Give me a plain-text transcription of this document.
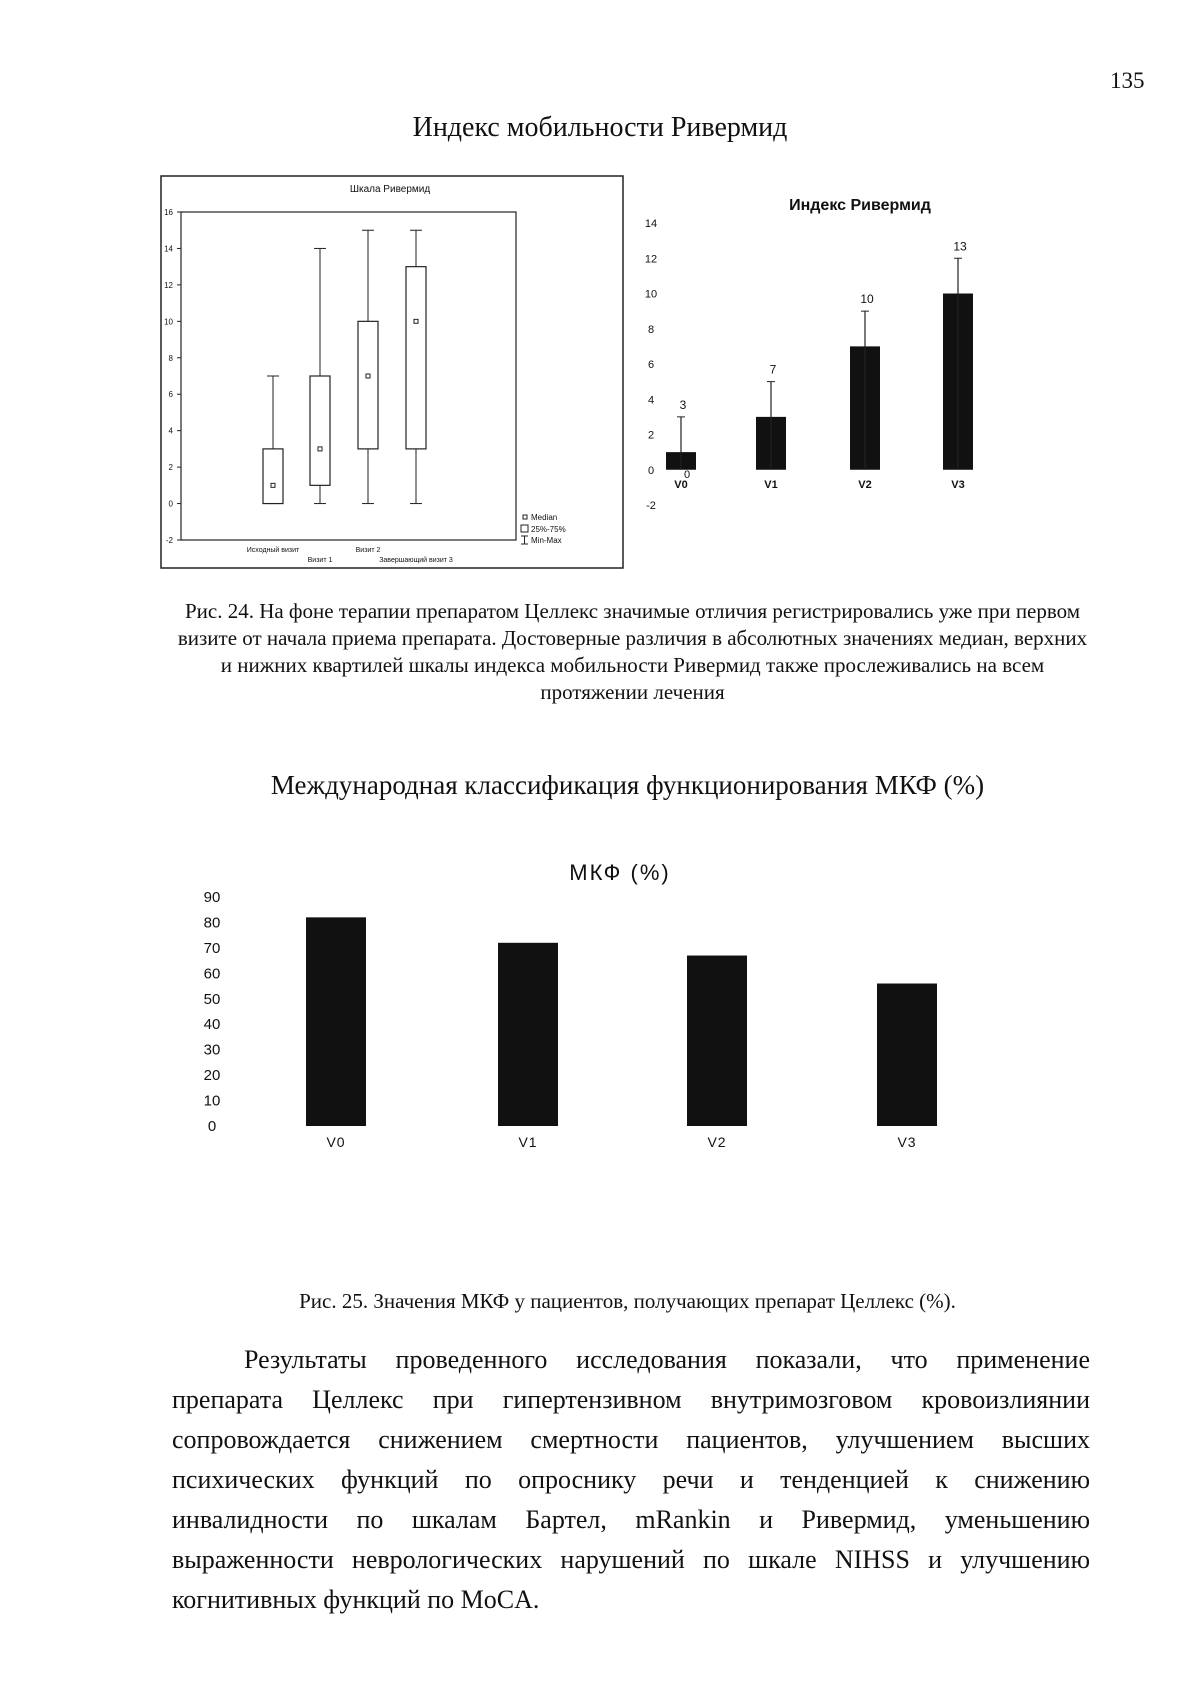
135
Индекс мобильности Ривермид
Шкала Ривермид
-2
0
2
4
6
8
10
12
14
16
Исходный визит
Визит 1
Визит 2
Завершающий визит 3
Median
25%-75%
Min-Max
Индекс Ривермид
-2
0
2
4
6
8
10
12
14
3
0
7
10
13
V0	V1	V2	V3
Рис. 24. На фоне терапии препаратом Целлекс значимые отличия регистрировались уже при первом визите от начала приема препарата. Достоверные различия в абсолютных значениях медиан, верхних и нижних квартилей шкалы индекса мобильности Ривермид также прослеживались на всем протяжении лечения
Международная классификация функционирования МКФ (%)
МКФ (%)
0
10
20
30
40
50
60
70
80
90
V0	V1	V2	V3
Рис. 25. Значения МКФ у пациентов, получающих препарат Целлекс (%).
Результаты проведенного исследования показали, что применение препарата Целлекс при гипертензивном внутримозговом кровоизлиянии сопровождается снижением смертности пациентов, улучшением высших психических функций по опроснику речи и тенденцией к снижению инвалидности по шкалам Бартел, mRankin и Ривермид, уменьшению выраженности неврологических нарушений по шкале NIHSS и улучшению когнитивных функций по MoCA.
